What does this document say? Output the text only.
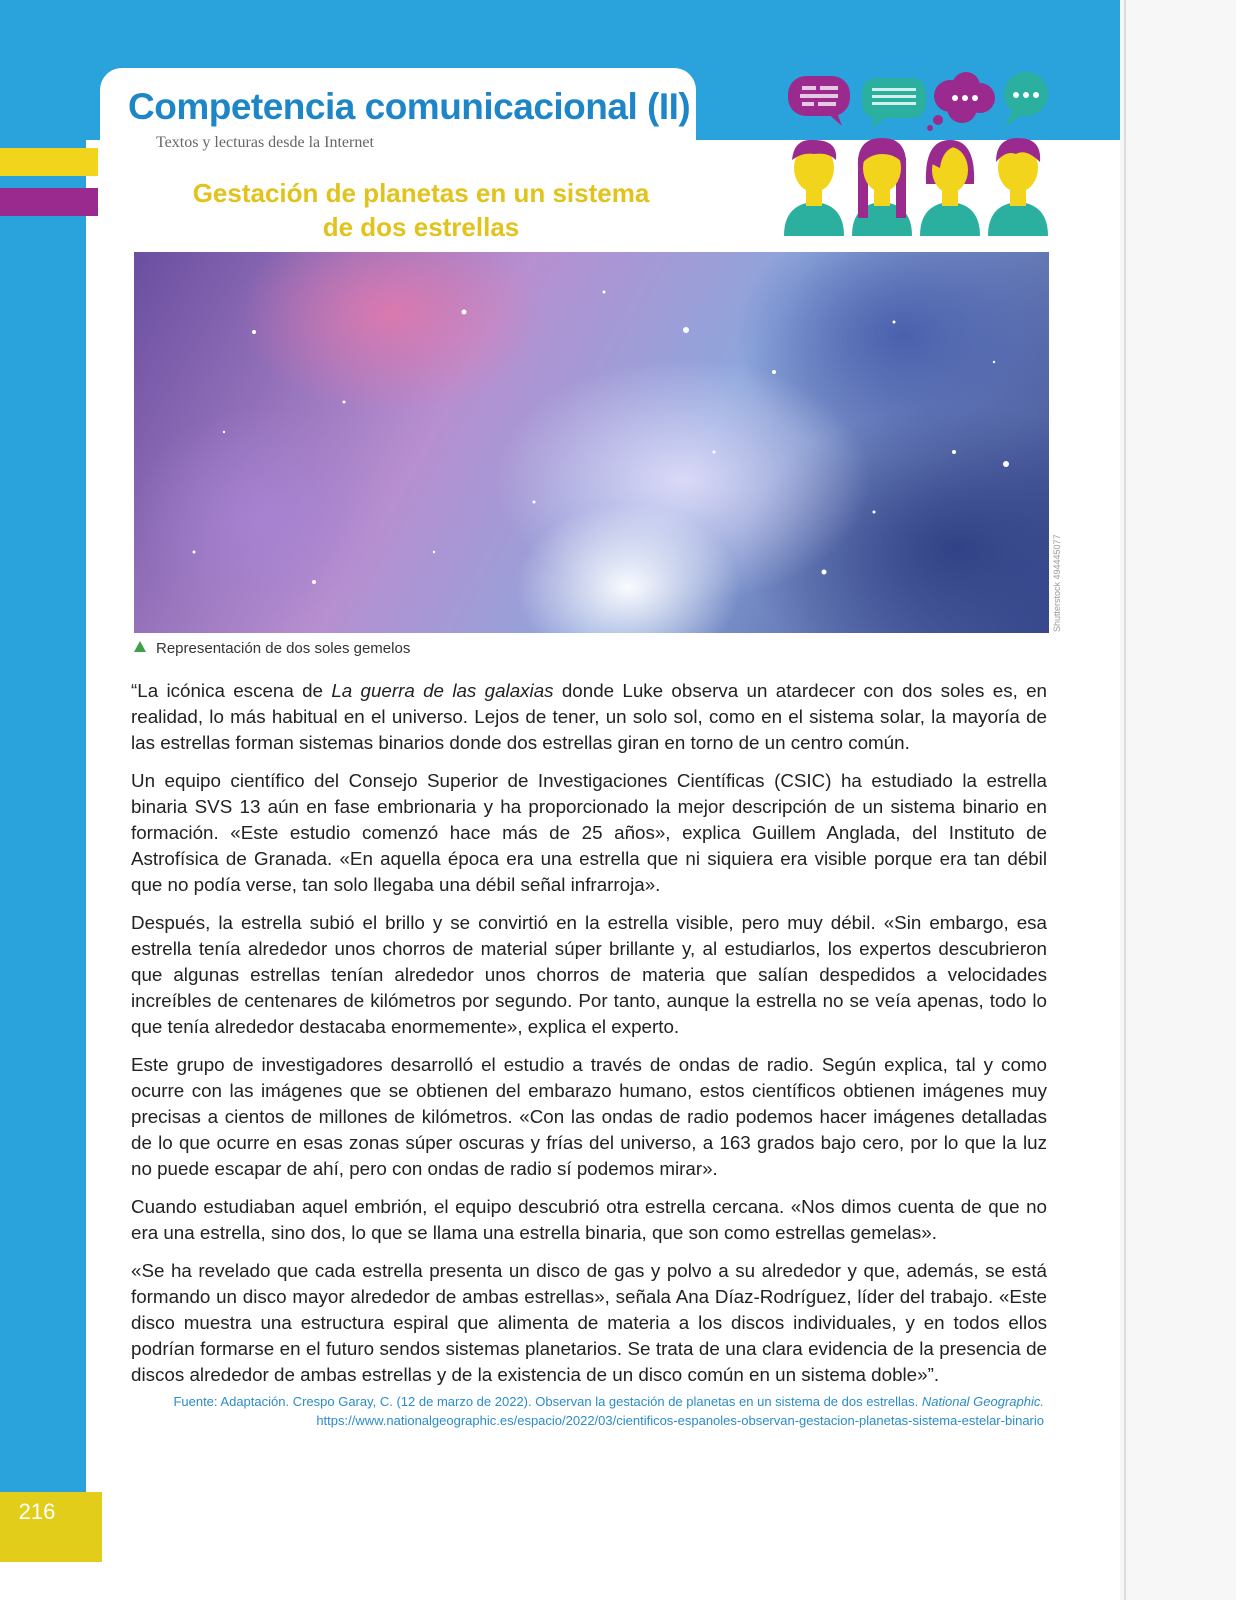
Competencia comunicacional (II)
Textos y lecturas desde la Internet
Gestación de planetas en un sistema
de dos estrellas
Shutterstock 494445077
Representación de dos soles gemelos

“La icónica escena de La guerra de las galaxias donde Luke observa un atardecer con dos soles es, en realidad, lo más habitual en el universo. Lejos de tener, un solo sol, como en el sistema solar, la mayoría de las estrellas forman sistemas binarios donde dos estrellas giran en torno de un centro común.

Un equipo científico del Consejo Superior de Investigaciones Científicas (CSIC) ha estudiado la estrella binaria SVS 13 aún en fase embrionaria y ha proporcionado la mejor descripción de un sistema binario en formación. «Este estudio comenzó hace más de 25 años», explica Guillem Anglada, del Instituto de Astrofísica de Granada. «En aquella época era una estrella que ni siquiera era visible porque era tan débil que no podía verse, tan solo llegaba una débil señal infrarroja».

Después, la estrella subió el brillo y se convirtió en la estrella visible, pero muy débil. «Sin embargo, esa estrella tenía alrededor unos chorros de material súper brillante y, al estudiarlos, los expertos descubrieron que algunas estrellas tenían alrededor unos chorros de materia que salían despedidos a velocidades increíbles de centenares de kilómetros por segundo. Por tanto, aunque la estrella no se veía apenas, todo lo que tenía alrededor destacaba enormemente», explica el experto.

Este grupo de investigadores desarrolló el estudio a través de ondas de radio. Según explica, tal y como ocurre con las imágenes que se obtienen del embarazo humano, estos científicos obtienen imágenes muy precisas a cientos de millones de kilómetros. «Con las ondas de radio podemos hacer imágenes detalladas de lo que ocurre en esas zonas súper oscuras y frías del universo, a 163 grados bajo cero, por lo que la luz no puede escapar de ahí, pero con ondas de radio sí podemos mirar».

Cuando estudiaban aquel embrión, el equipo descubrió otra estrella cercana. «Nos dimos cuenta de que no era una estrella, sino dos, lo que se llama una estrella binaria, que son como estrellas gemelas».

«Se ha revelado que cada estrella presenta un disco de gas y polvo a su alrededor y que, además, se está formando un disco mayor alrededor de ambas estrellas», señala Ana Díaz-Rodríguez, líder del trabajo. «Este disco muestra una estructura espiral que alimenta de materia a los discos individuales, y en todos ellos podrían formarse en el futuro sendos sistemas planetarios. Se trata de una clara evidencia de la presencia de discos alrededor de ambas estrellas y de la existencia de un disco común en un sistema doble»”.

Fuente: Adaptación. Crespo Garay, C. (12 de marzo de 2022). Observan la gestación de planetas en un sistema de dos estrellas. National Geographic.
https://www.nationalgeographic.es/espacio/2022/03/cientificos-espanoles-observan-gestacion-planetas-sistema-estelar-binario
216
